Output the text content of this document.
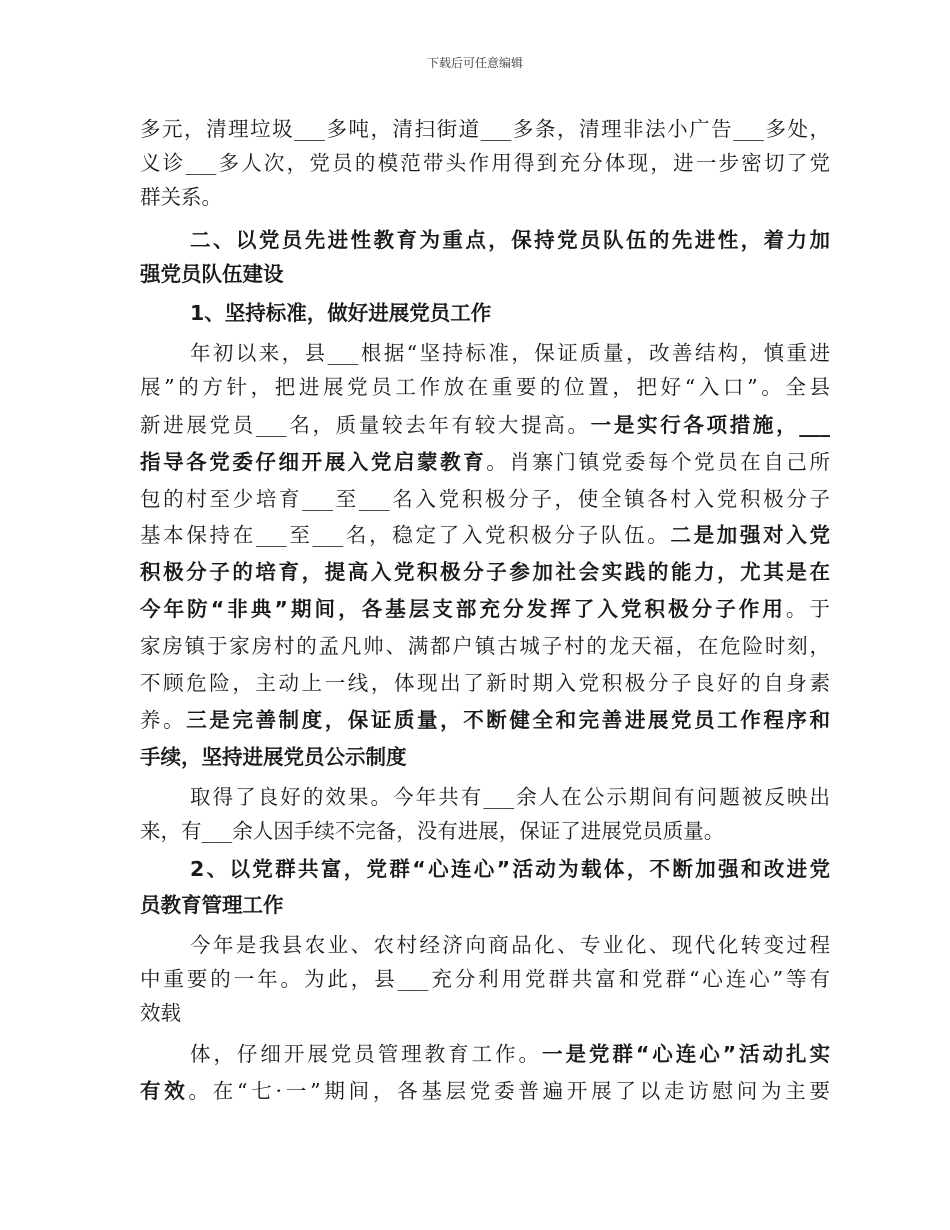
下载后可任意编辑
多元，清理垃圾___多吨，清扫街道___多条，清理非法小广告___多处，
义诊___多人次，党员的模范带头作用得到充分体现，进一步密切了党
群关系。
二、以党员先进性教育为重点，保持党员队伍的先进性，着力加
强党员队伍建设
1、坚持标准，做好进展党员工作
年初以来，县___根据“坚持标准，保证质量，改善结构，慎重进
展”的方针，把进展党员工作放在重要的位置，把好“入口”。全县
新进展党员___名，质量较去年有较大提高。一是实行各项措施，___
指导各党委仔细开展入党启蒙教育。肖寨门镇党委每个党员在自己所
包的村至少培育___至___名入党积极分子，使全镇各村入党积极分子
基本保持在___至___名，稳定了入党积极分子队伍。二是加强对入党
积极分子的培育，提高入党积极分子参加社会实践的能力，尤其是在
今年防“非典”期间，各基层支部充分发挥了入党积极分子作用。于
家房镇于家房村的孟凡帅、满都户镇古城子村的龙天福，在危险时刻，
不顾危险，主动上一线，体现出了新时期入党积极分子良好的自身素
养。三是完善制度，保证质量，不断健全和完善进展党员工作程序和
手续，坚持进展党员公示制度
取得了良好的效果。今年共有___余人在公示期间有问题被反映出
来，有___余人因手续不完备，没有进展，保证了进展党员质量。
2、以党群共富，党群“心连心”活动为载体，不断加强和改进党
员教育管理工作
今年是我县农业、农村经济向商品化、专业化、现代化转变过程
中重要的一年。为此，县___充分利用党群共富和党群“心连心”等有
效载
体，仔细开展党员管理教育工作。一是党群“心连心”活动扎实
有效。在“七·一”期间，各基层党委普遍开展了以走访慰问为主要
